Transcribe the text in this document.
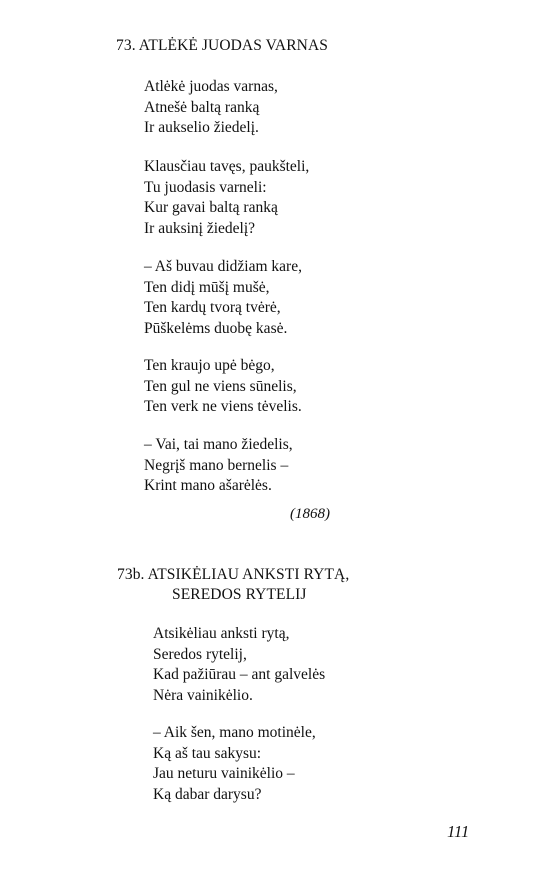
73. ATLĖKĖ JUODAS VARNAS
Atlėkė juodas varnas,
Atnešė baltą ranką
Ir aukselio žiedelį.
Klausčiau tavęs, paukšteli,
Tu juodasis varneli:
Kur gavai baltą ranką
Ir auksinį žiedelį?
– Aš buvau didžiam kare,
Ten didį mūšį mušė,
Ten kardų tvorą tvėrė,
Pūškelėms duobę kasė.
Ten kraujo upė bėgo,
Ten gul ne viens sūnelis,
Ten verk ne viens tėvelis.
– Vai, tai mano žiedelis,
Negrįš mano bernelis –
Krint mano ašarėlės.
(1868)
73b. ATSIKĖLIAU ANKSTI RYTĄ,
SEREDOS RYTELIJ
Atsikėliau anksti rytą,
Seredos rytelij,
Kad pažiūrau – ant galvelės
Nėra vainikėlio.
– Aik šen, mano motinėle,
Ką aš tau sakysu:
Jau neturu vainikėlio –
Ką dabar darysu?
111
